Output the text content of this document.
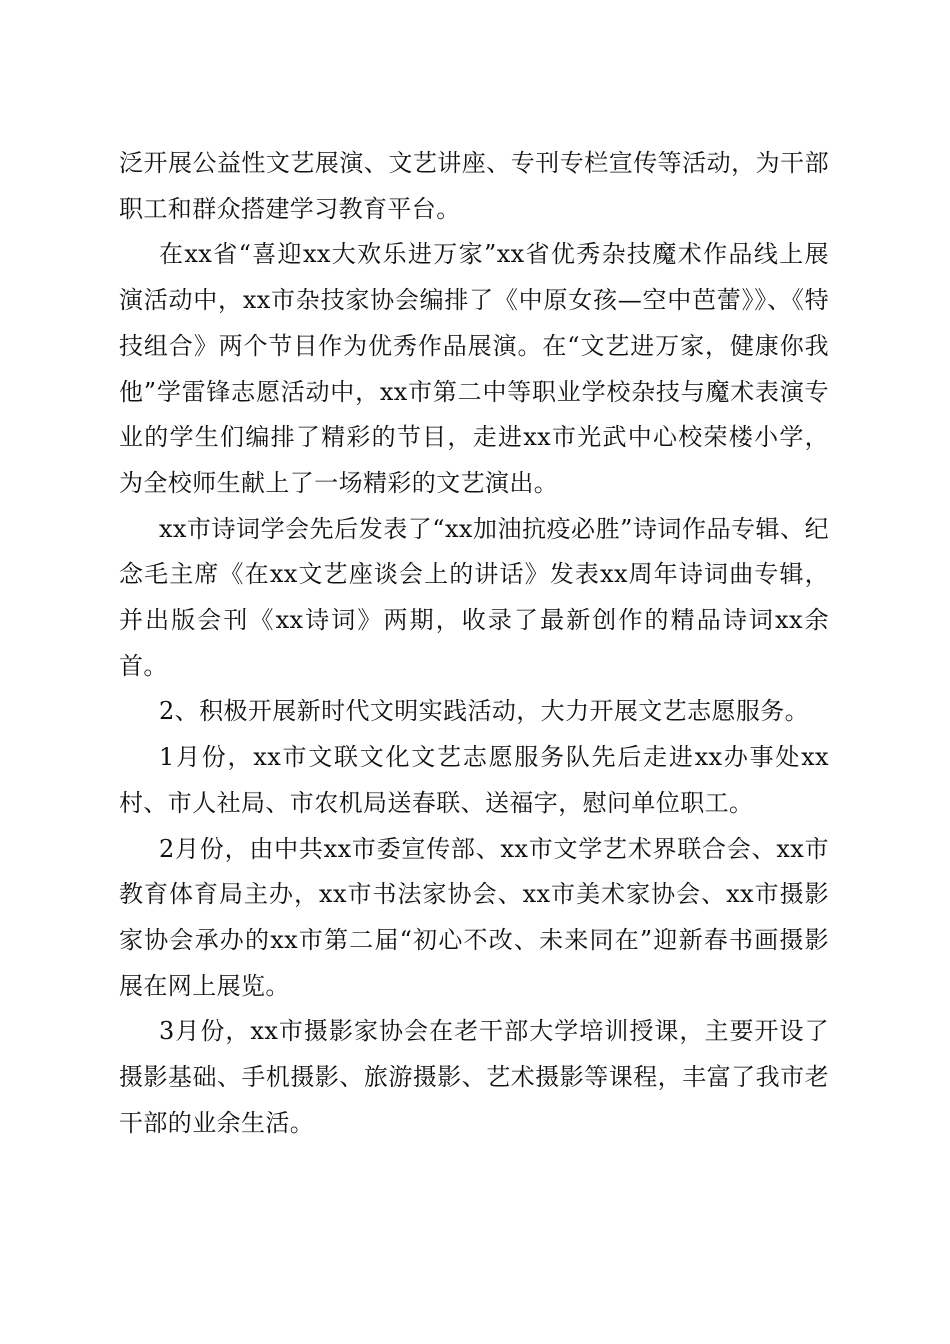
泛开展公益性文艺展演、文艺讲座、专刊专栏宣传等活动，为干部职工和群众搭建学习教育平台。

在xx省“喜迎xx大欢乐进万家”xx省优秀杂技魔术作品线上展演活动中，xx市杂技家协会编排了《中原女孩—空中芭蕾》》、《特技组合》两个节目作为优秀作品展演。在“文艺进万家，健康你我他”学雷锋志愿活动中，xx市第二中等职业学校杂技与魔术表演专业的学生们编排了精彩的节目，走进xx市光武中心校荣楼小学，为全校师生献上了一场精彩的文艺演出。

xx市诗词学会先后发表了“xx加油抗疫必胜”诗词作品专辑、纪念毛主席《在xx文艺座谈会上的讲话》发表xx周年诗词曲专辑，并出版会刊《xx诗词》两期，收录了最新创作的精品诗词xx余首。

2、积极开展新时代文明实践活动，大力开展文艺志愿服务。

1月份，xx市文联文化文艺志愿服务队先后走进xx办事处xx村、市人社局、市农机局送春联、送福字，慰问单位职工。

2月份，由中共xx市委宣传部、xx市文学艺术界联合会、xx市教育体育局主办，xx市书法家协会、xx市美术家协会、xx市摄影家协会承办的xx市第二届“初心不改、未来同在”迎新春书画摄影展在网上展览。

3月份，xx市摄影家协会在老干部大学培训授课，主要开设了摄影基础、手机摄影、旅游摄影、艺术摄影等课程，丰富了我市老干部的业余生活。
